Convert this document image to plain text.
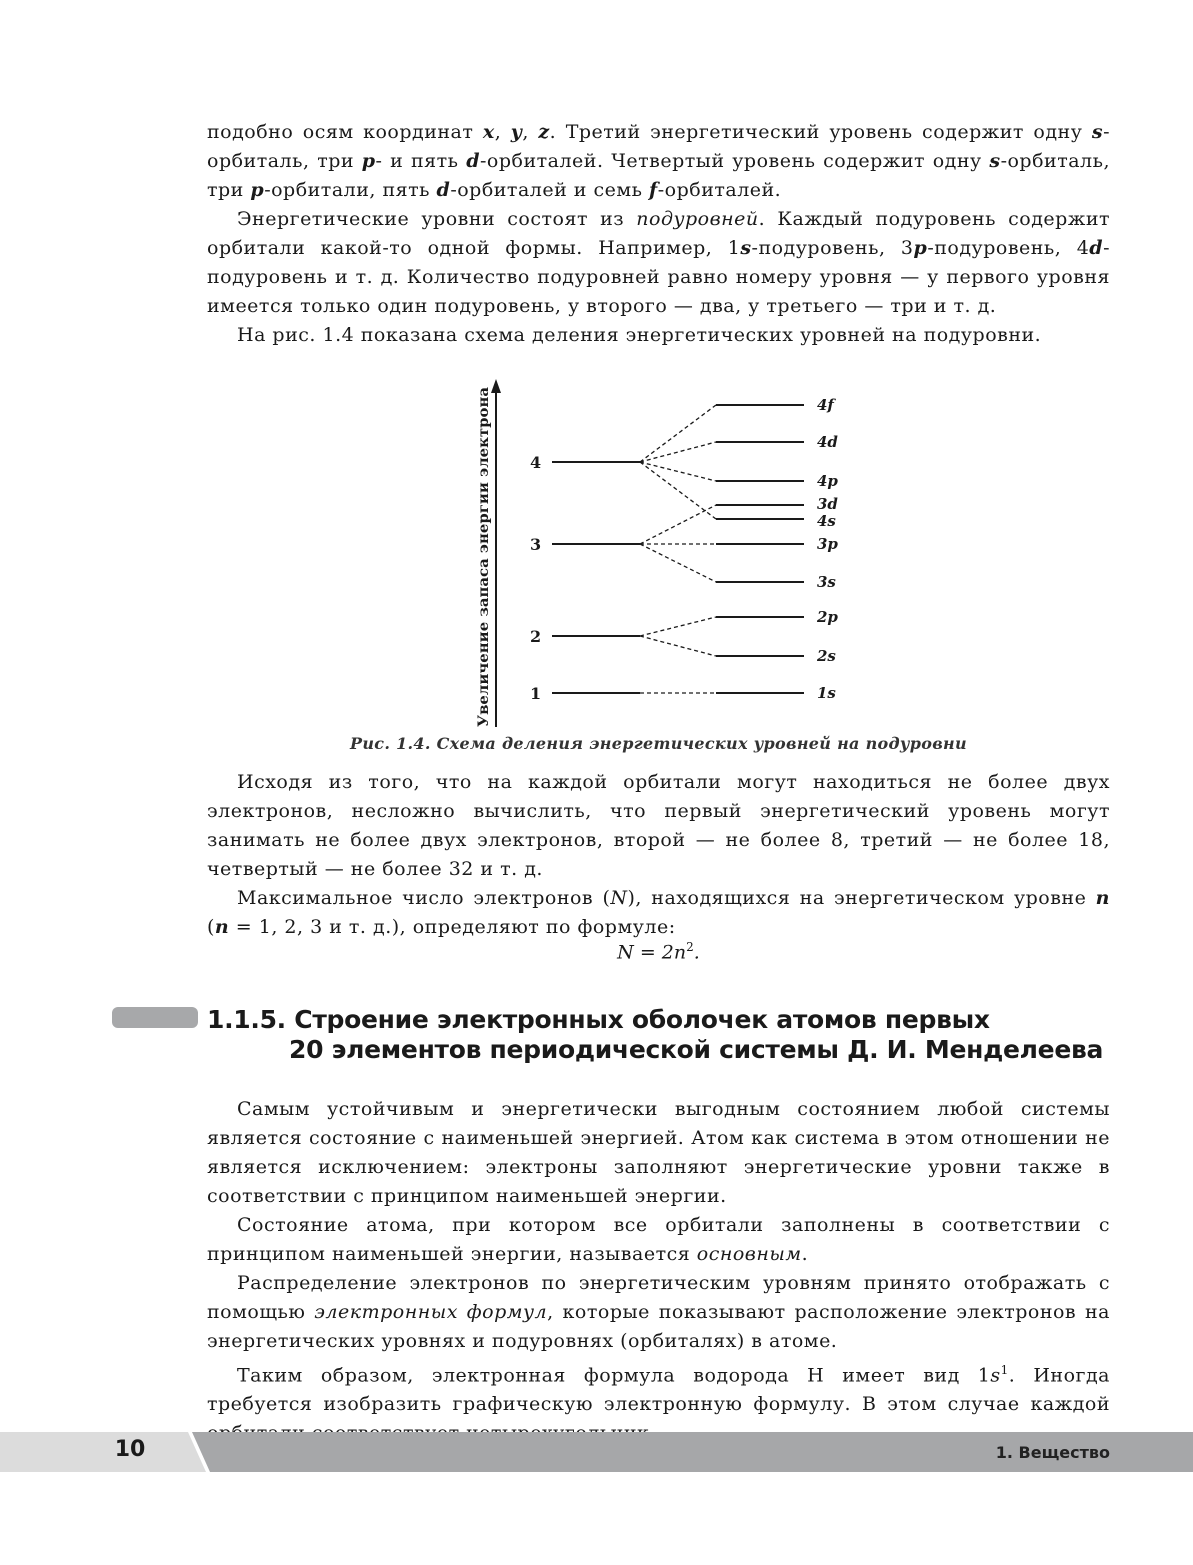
подобно осям координат x, y, z. Третий энергетический уровень содержит одну s-орбиталь, три p- и пять d-орбиталей. Четвертый уровень содержит одну s-орбиталь, три p-орбитали, пять d-орбиталей и семь f-орбиталей.

Энергетические уровни состоят из подуровней. Каждый подуровень содержит орбитали какой-то одной формы. Например, 1s-подуровень, 3p-подуровень, 4d-подуровень и т. д. Количество подуровней равно номеру уровня — у первого уровня имеется только один подуровень, у второго — два, у третьего — три и т. д.

На рис. 1.4 показана схема деления энергетических уровней на подуровни.

Увеличение запаса энергии электрона 1
2
3
4
4f
4d
4p
3d
4s
3p
3s
2p
2s
1s
Рис. 1.4. Схема деления энергетических уровней на подуровни

Исходя из того, что на каждой орбитали могут находиться не более двух электронов, несложно вычислить, что первый энергетический уровень могут занимать не более двух электронов, второй — не более 8, третий — не более 18, четвертый — не более 32 и т. д.

Максимальное число электронов (N), находящихся на энергетическом уровне n (n = 1, 2, 3 и т. д.), определяют по формуле:

$N = 2n^2$.
1.1.5. Строение электронных оболочек атомов первых
20 элементов периодической системы Д. И. Менделеева

Самым устойчивым и энергетически выгодным состоянием любой системы является состояние с наименьшей энергией. Атом как система в этом отношении не является исключением: электроны заполняют энергетические уровни также в соответствии с принципом наименьшей энергии.

Состояние атома, при котором все орбитали заполнены в соответствии с принципом наименьшей энергии, называется основным.

Распределение электронов по энергетическим уровням принято отображать с помощью электронных формул, которые показывают расположение электронов на энергетических уровнях и подуровнях (орбиталях) в атоме.

Таким образом, электронная формула водорода H имеет вид $1s^1$. Иногда требуется изобразить графическую электронную формулу. В этом случае каждой

10	1. Вещество
